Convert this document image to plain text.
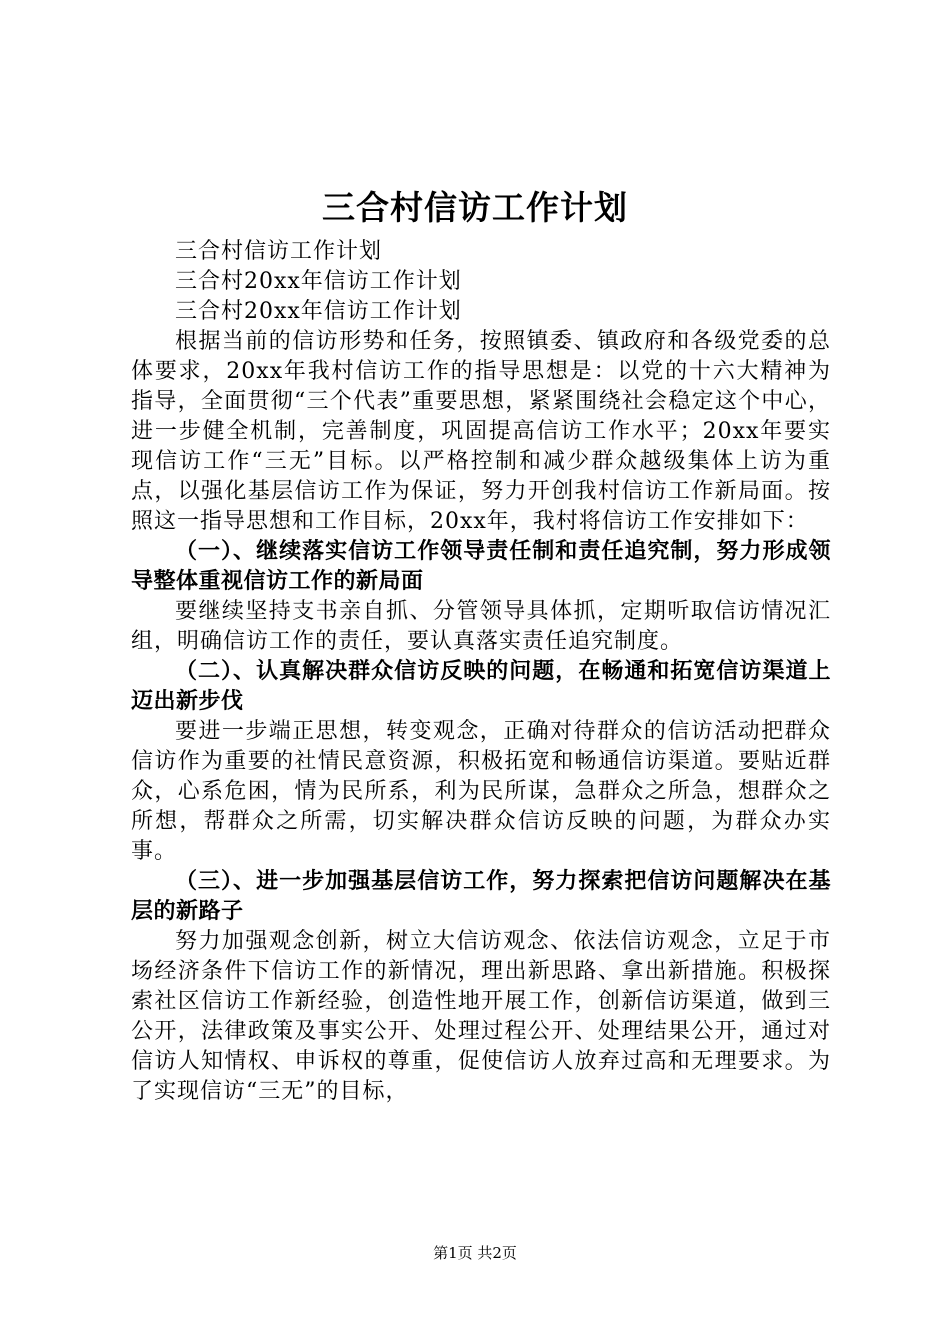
三合村信访工作计划

三合村信访工作计划

三合村20xx年信访工作计划

三合村20xx年信访工作计划

根据当前的信访形势和任务，按照镇委、镇政府和各级党委的总体要求，20xx年我村信访工作的指导思想是：以党的十六大精神为指导，全面贯彻“三个代表”重要思想，紧紧围绕社会稳定这个中心，进一步健全机制，完善制度，巩固提高信访工作水平；20xx年要实现信访工作“三无”目标。以严格控制和减少群众越级集体上访为重点，以强化基层信访工作为保证，努力开创我村信访工作新局面。按照这一指导思想和工作目标，20xx年，我村将信访工作安排如下：

（一）、继续落实信访工作领导责任制和责任追究制，努力形成领导整体重视信访工作的新局面

要继续坚持支书亲自抓、分管领导具体抓，定期听取信访情况汇组，明确信访工作的责任，要认真落实责任追究制度。

（二）、认真解决群众信访反映的问题，在畅通和拓宽信访渠道上迈出新步伐

要进一步端正思想，转变观念，正确对待群众的信访活动把群众信访作为重要的社情民意资源，积极拓宽和畅通信访渠道。要贴近群众，心系危困，情为民所系，利为民所谋，急群众之所急，想群众之所想，帮群众之所需，切实解决群众信访反映的问题，为群众办实事。

（三）、进一步加强基层信访工作，努力探索把信访问题解决在基层的新路子

努力加强观念创新，树立大信访观念、依法信访观念，立足于市场经济条件下信访工作的新情况，理出新思路、拿出新措施。积极探索社区信访工作新经验，创造性地开展工作，创新信访渠道，做到三公开，法律政策及事实公开、处理过程公开、处理结果公开，通过对信访人知情权、申诉权的尊重，促使信访人放弃过高和无理要求。为了实现信访“三无”的目标，

第1页 共2页
